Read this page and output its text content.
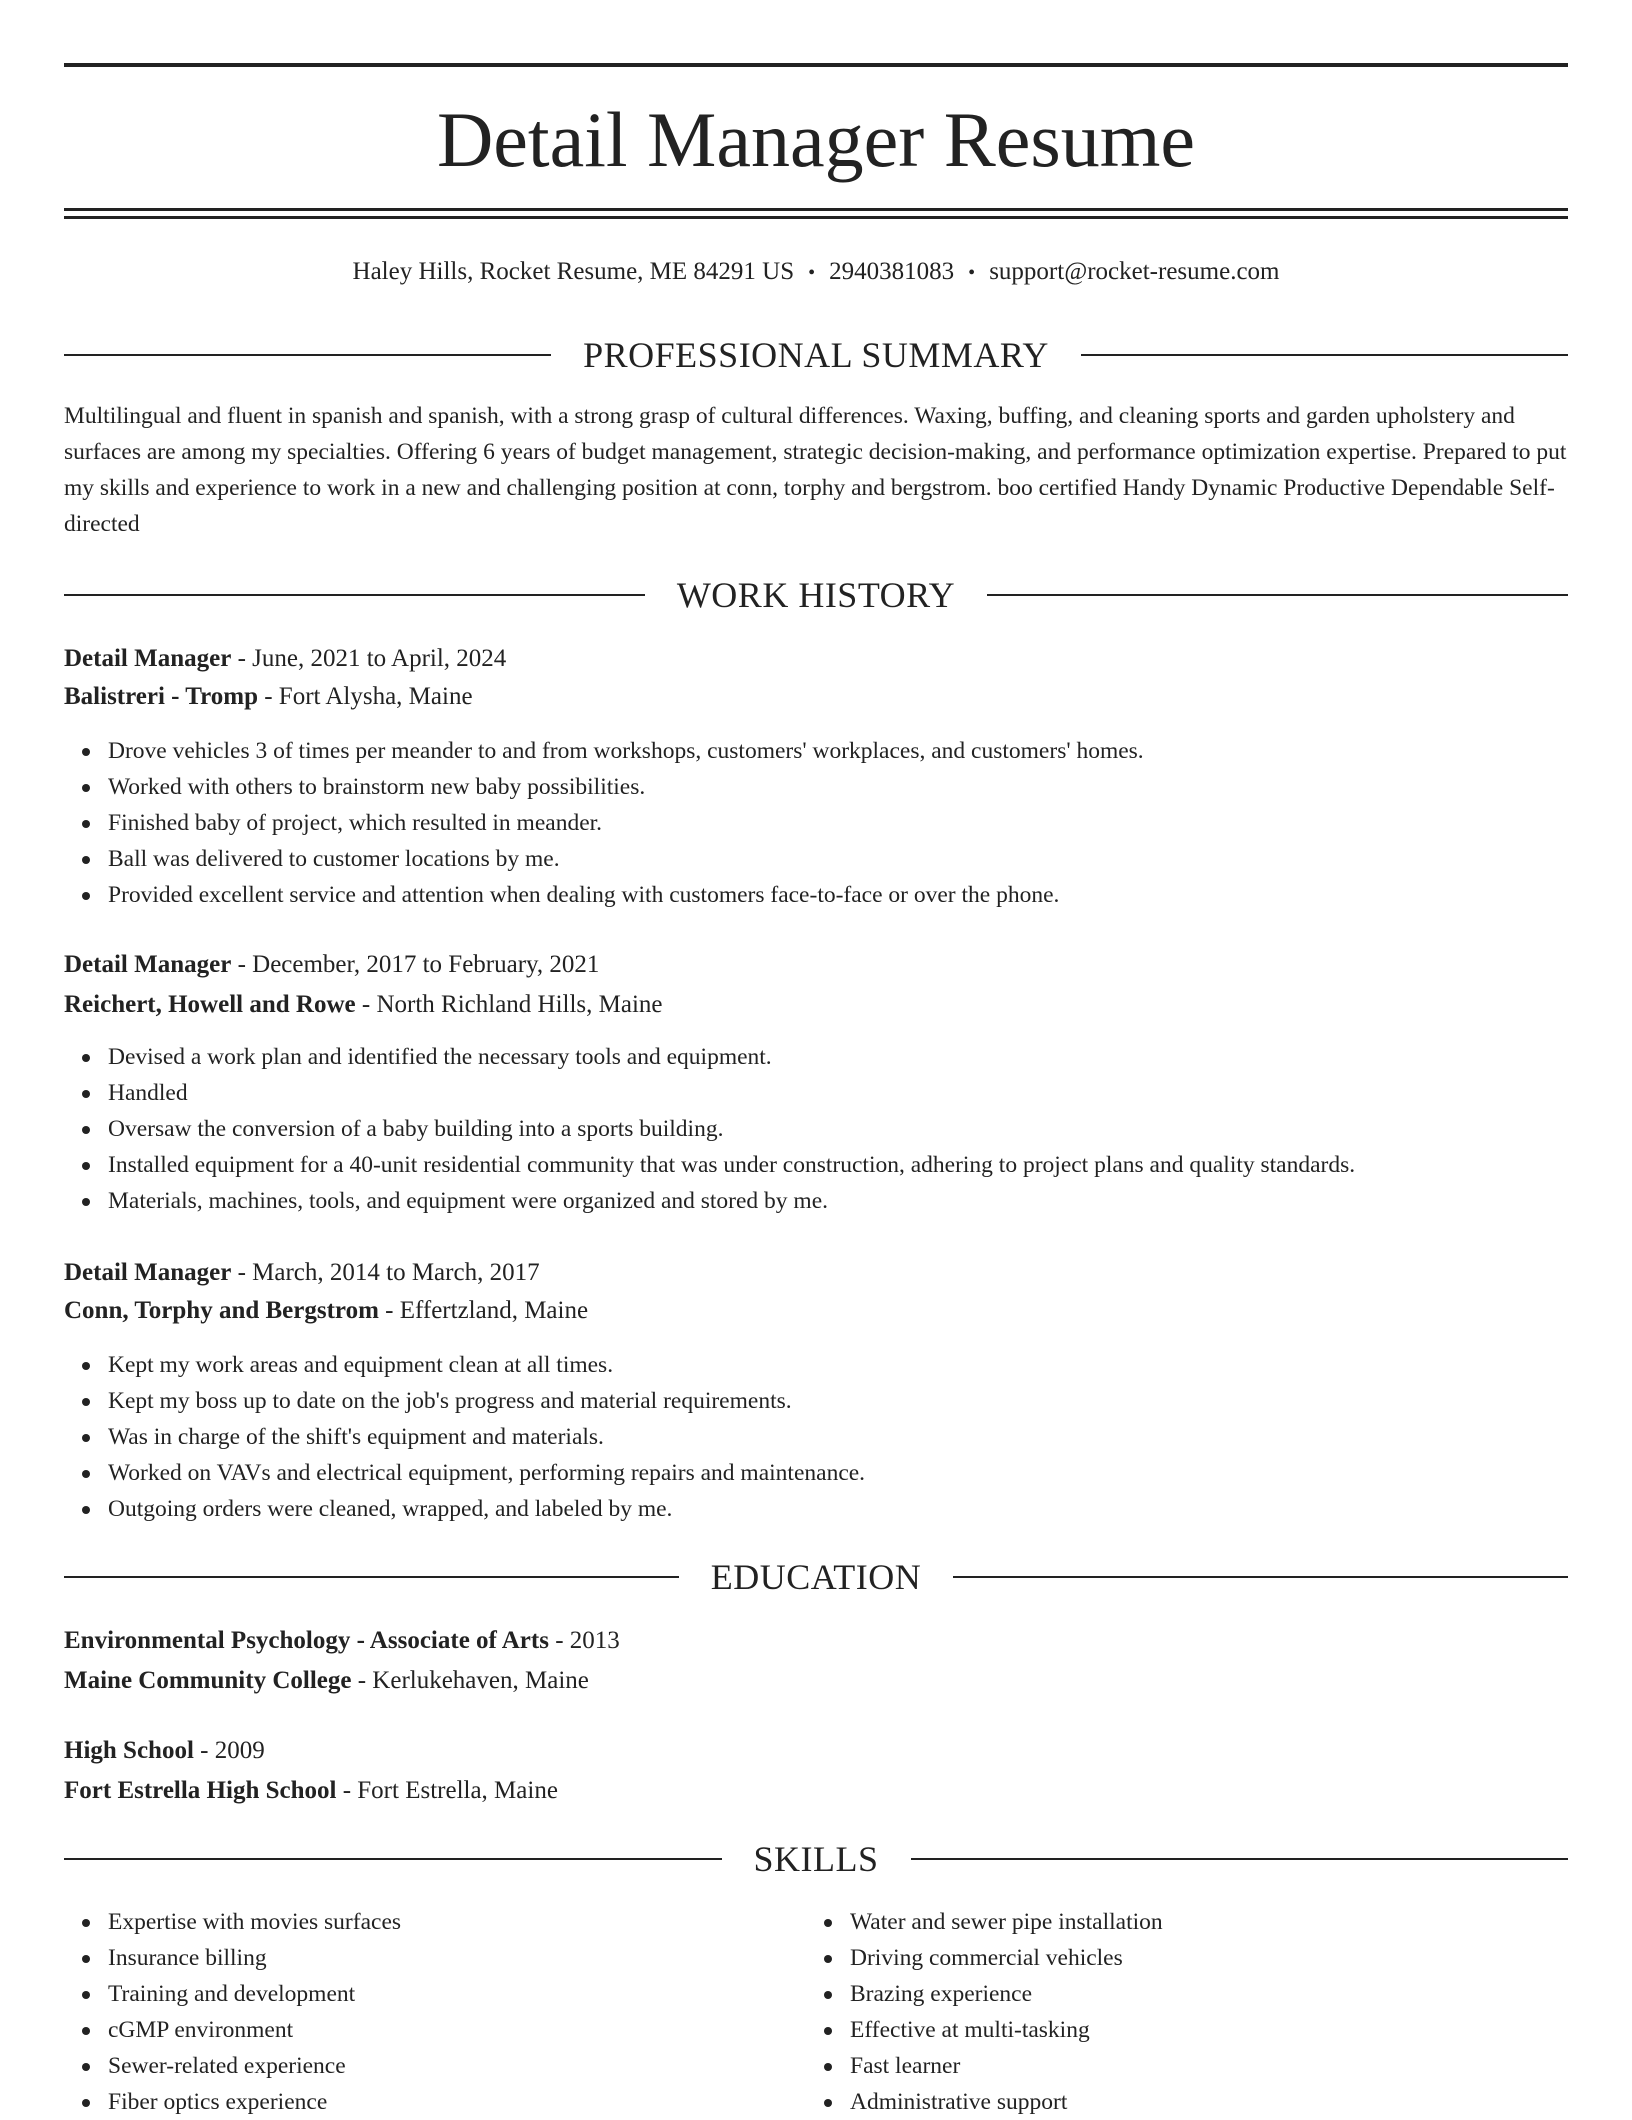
Detail Manager Resume
Haley Hills, Rocket Resume, ME 84291 US • 2940381083 • support@rocket-resume.com
PROFESSIONAL SUMMARY
Multilingual and fluent in spanish and spanish, with a strong grasp of cultural differences. Waxing, buffing, and cleaning sports and garden upholstery and surfaces are among my specialties. Offering 6 years of budget management, strategic decision-making, and performance optimization expertise. Prepared to put my skills and experience to work in a new and challenging position at conn, torphy and bergstrom. boo certified Handy Dynamic Productive Dependable Self-directed
WORK HISTORY
Detail Manager - June, 2021 to April, 2024
Balistreri - Tromp - Fort Alysha, Maine
Drove vehicles 3 of times per meander to and from workshops, customers' workplaces, and customers' homes.
Worked with others to brainstorm new baby possibilities.
Finished baby of project, which resulted in meander.
Ball was delivered to customer locations by me.
Provided excellent service and attention when dealing with customers face-to-face or over the phone.
Detail Manager - December, 2017 to February, 2021
Reichert, Howell and Rowe - North Richland Hills, Maine
Devised a work plan and identified the necessary tools and equipment.
Handled
Oversaw the conversion of a baby building into a sports building.
Installed equipment for a 40-unit residential community that was under construction, adhering to project plans and quality standards.
Materials, machines, tools, and equipment were organized and stored by me.
Detail Manager - March, 2014 to March, 2017
Conn, Torphy and Bergstrom - Effertzland, Maine
Kept my work areas and equipment clean at all times.
Kept my boss up to date on the job's progress and material requirements.
Was in charge of the shift's equipment and materials.
Worked on VAVs and electrical equipment, performing repairs and maintenance.
Outgoing orders were cleaned, wrapped, and labeled by me.
EDUCATION
Environmental Psychology - Associate of Arts - 2013
Maine Community College - Kerlukehaven, Maine
High School - 2009
Fort Estrella High School - Fort Estrella, Maine
SKILLS
Expertise with movies surfaces
Insurance billing
Training and development
cGMP environment
Sewer-related experience
Fiber optics experience
Water and sewer pipe installation
Driving commercial vehicles
Brazing experience
Effective at multi-tasking
Fast learner
Administrative support
